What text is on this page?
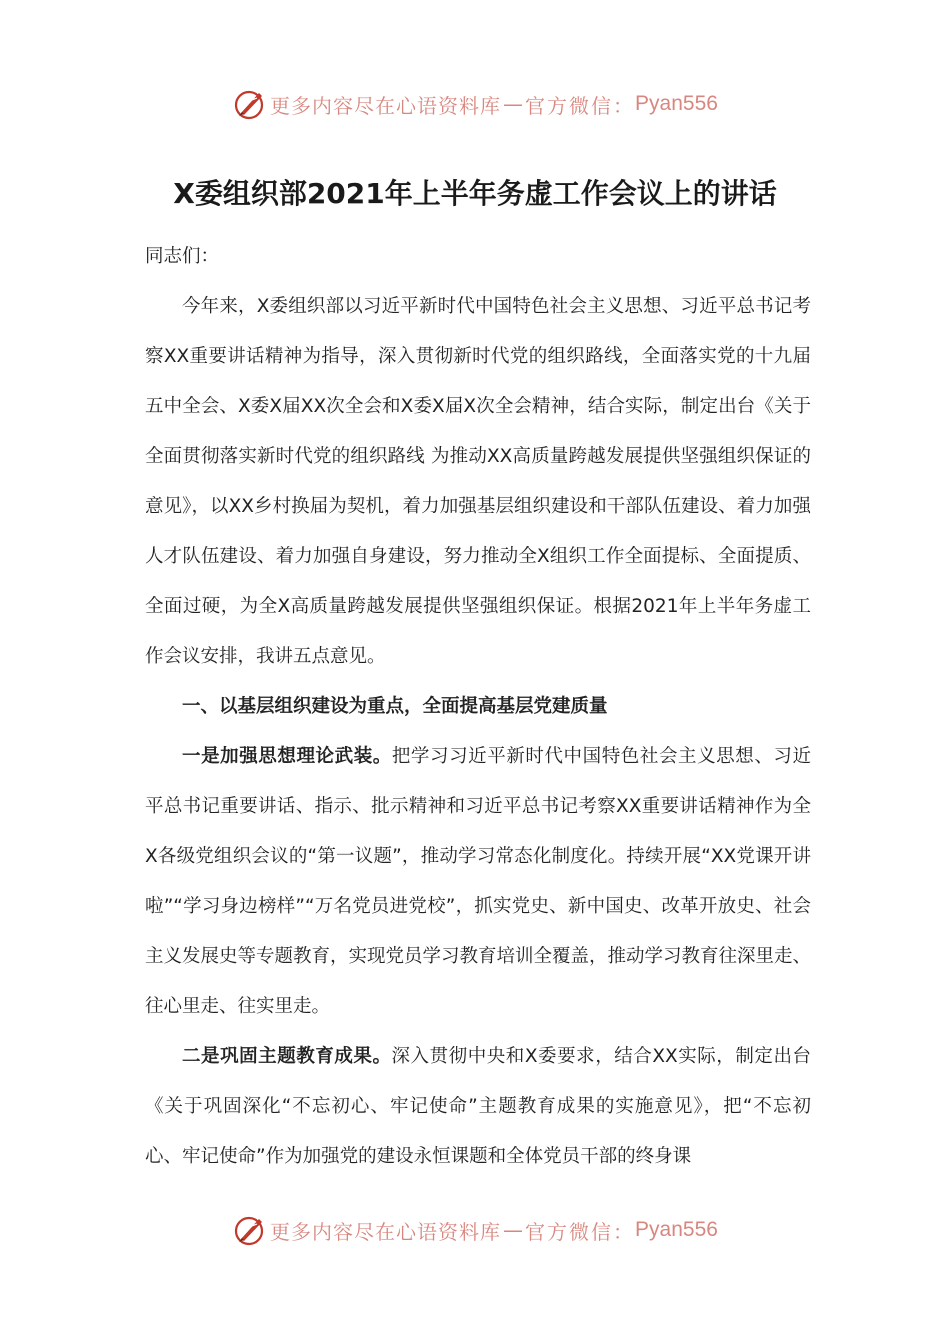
更多内容尽在心语资料库 — 官方微信： Pyan556
X委组织部2021年上半年务虚工作会议上的讲话

同志们：

今年来，X委组织部以习近平新时代中国特色社会主义思想、习近平总书记考察XX重要讲话精神为指导，深入贯彻新时代党的组织路线，全面落实党的十九届五中全会、X委X届XX次全会和X委X届X次全会精神，结合实际，制定出台《关于全面贯彻落实新时代党的组织路线 为推动XX高质量跨越发展提供坚强组织保证的意见》，以XX乡村换届为契机，着力加强基层组织建设和干部队伍建设、着力加强人才队伍建设、着力加强自身建设，努力推动全X组织工作全面提标、全面提质、全面过硬，为全X高质量跨越发展提供坚强组织保证。根据2021年上半年务虚工作会议安排，我讲五点意见。

一、以基层组织建设为重点，全面提高基层党建质量

一是加强思想理论武装。把学习习近平新时代中国特色社会主义思想、习近平总书记重要讲话、指示、批示精神和习近平总书记考察XX重要讲话精神作为全X各级党组织会议的“第一议题”，推动学习常态化制度化。持续开展“XX党课开讲啦”“学习身边榜样”“万名党员进党校”，抓实党史、新中国史、改革开放史、社会主义发展史等专题教育，实现党员学习教育培训全覆盖，推动学习教育往深里走、往心里走、往实里走。

二是巩固主题教育成果。深入贯彻中央和X委要求，结合XX实际，制定出台《关于巩固深化“不忘初心、牢记使命”主题教育成果的实施意见》，把“不忘初心、牢记使命”作为加强党的建设永恒课题和全体党员干部的终身课

更多内容尽在心语资料库 — 官方微信： Pyan556
